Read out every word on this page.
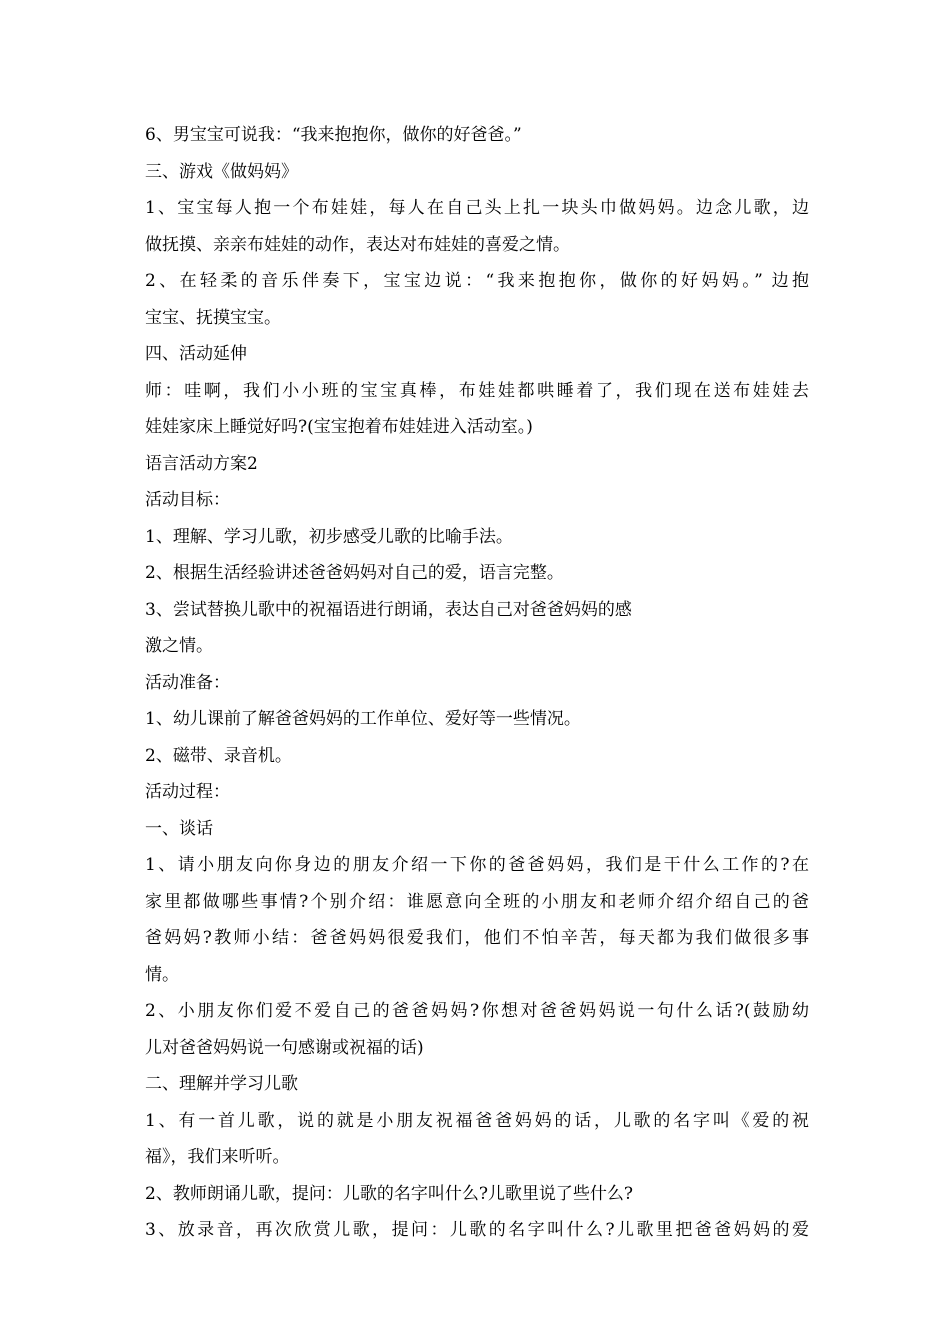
6、男宝宝可说我：“我来抱抱你，做你的好爸爸。”
三、游戏《做妈妈》
1、宝宝每人抱一个布娃娃，每人在自己头上扎一块头巾做妈妈。边念儿歌，边
做抚摸、亲亲布娃娃的动作，表达对布娃娃的喜爱之情。
2、在轻柔的音乐伴奏下，宝宝边说：“我来抱抱你，做你的好妈妈。” 边抱
宝宝、抚摸宝宝。
四、活动延伸
师：哇啊，我们小小班的宝宝真棒，布娃娃都哄睡着了，我们现在送布娃娃去
娃娃家床上睡觉好吗?(宝宝抱着布娃娃进入活动室。)
语言活动方案2
活动目标：
1、理解、学习儿歌，初步感受儿歌的比喻手法。
2、根据生活经验讲述爸爸妈妈对自己的爱，语言完整。
3、尝试替换儿歌中的祝福语进行朗诵，表达自己对爸爸妈妈的感
激之情。
活动准备：
1、幼儿课前了解爸爸妈妈的工作单位、爱好等一些情况。
2、磁带、录音机。
活动过程：
一、谈话
1、请小朋友向你身边的朋友介绍一下你的爸爸妈妈，我们是干什么工作的?在
家里都做哪些事情?个别介绍：谁愿意向全班的小朋友和老师介绍介绍自己的爸
爸妈妈?教师小结：爸爸妈妈很爱我们，他们不怕辛苦，每天都为我们做很多事
情。
2、小朋友你们爱不爱自己的爸爸妈妈?你想对爸爸妈妈说一句什么话?(鼓励幼
儿对爸爸妈妈说一句感谢或祝福的话)
二、理解并学习儿歌
1、有一首儿歌，说的就是小朋友祝福爸爸妈妈的话，儿歌的名字叫《爱的祝
福》，我们来听听。
2、教师朗诵儿歌，提问：儿歌的名字叫什么?儿歌里说了些什么?
3、放录音，再次欣赏儿歌，提问：儿歌的名字叫什么?儿歌里把爸爸妈妈的爱
